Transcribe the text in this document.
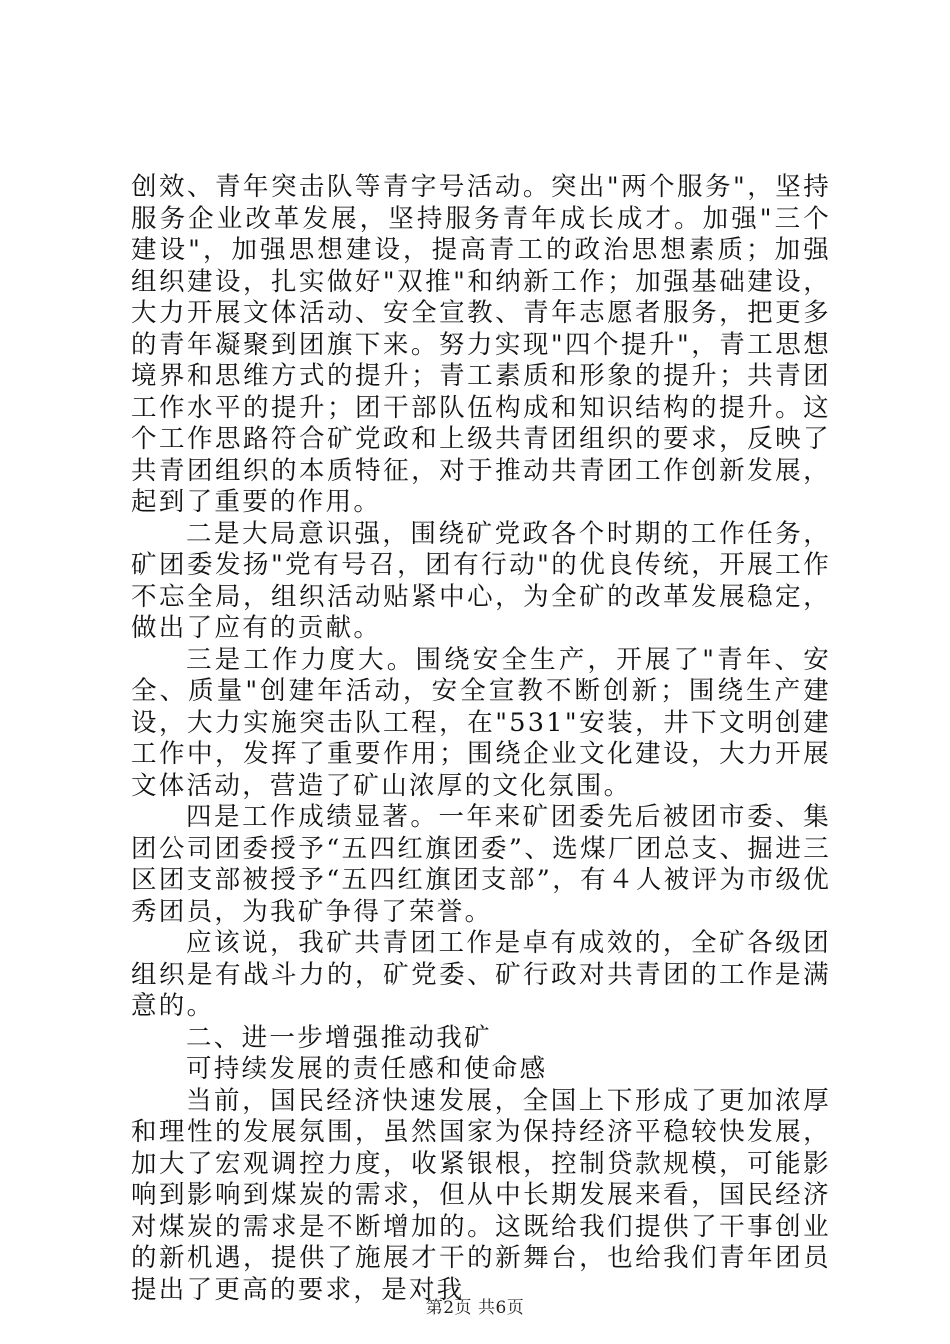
创效、青年突击队等青字号活动。突出"两个服务"，坚持服务企业改革发展，坚持服务青年成长成才。加强"三个建设"，加强思想建设，提高青工的政治思想素质；加强组织建设，扎实做好"双推"和纳新工作；加强基础建设，大力开展文体活动、安全宣教、青年志愿者服务，把更多的青年凝聚到团旗下来。努力实现"四个提升"，青工思想境界和思维方式的提升；青工素质和形象的提升；共青团工作水平的提升；团干部队伍构成和知识结构的提升。这个工作思路符合矿党政和上级共青团组织的要求，反映了共青团组织的本质特征，对于推动共青团工作创新发展，起到了重要的作用。

二是大局意识强，围绕矿党政各个时期的工作任务，矿团委发扬"党有号召，团有行动"的优良传统，开展工作不忘全局，组织活动贴紧中心，为全矿的改革发展稳定，做出了应有的贡献。

三是工作力度大。围绕安全生产，开展了"青年、安全、质量"创建年活动，安全宣教不断创新；围绕生产建设，大力实施突击队工程，在"531"安装，井下文明创建工作中，发挥了重要作用；围绕企业文化建设，大力开展文体活动，营造了矿山浓厚的文化氛围。

四是工作成绩显著。一年来矿团委先后被团市委、集团公司团委授予“五四红旗团委”、选煤厂团总支、掘进三区团支部被授予“五四红旗团支部”，有４人被评为市级优秀团员，为我矿争得了荣誉。

应该说，我矿共青团工作是卓有成效的，全矿各级团组织是有战斗力的，矿党委、矿行政对共青团的工作是满意的。

二、进一步增强推动我矿

可持续发展的责任感和使命感

当前，国民经济快速发展，全国上下形成了更加浓厚和理性的发展氛围，虽然国家为保持经济平稳较快发展，加大了宏观调控力度，收紧银根，控制贷款规模，可能影响到影响到煤炭的需求，但从中长期发展来看，国民经济对煤炭的需求是不断增加的。这既给我们提供了干事创业的新机遇，提供了施展才干的新舞台，也给我们青年团员提出了更高的要求，是对我

第2页 共6页
